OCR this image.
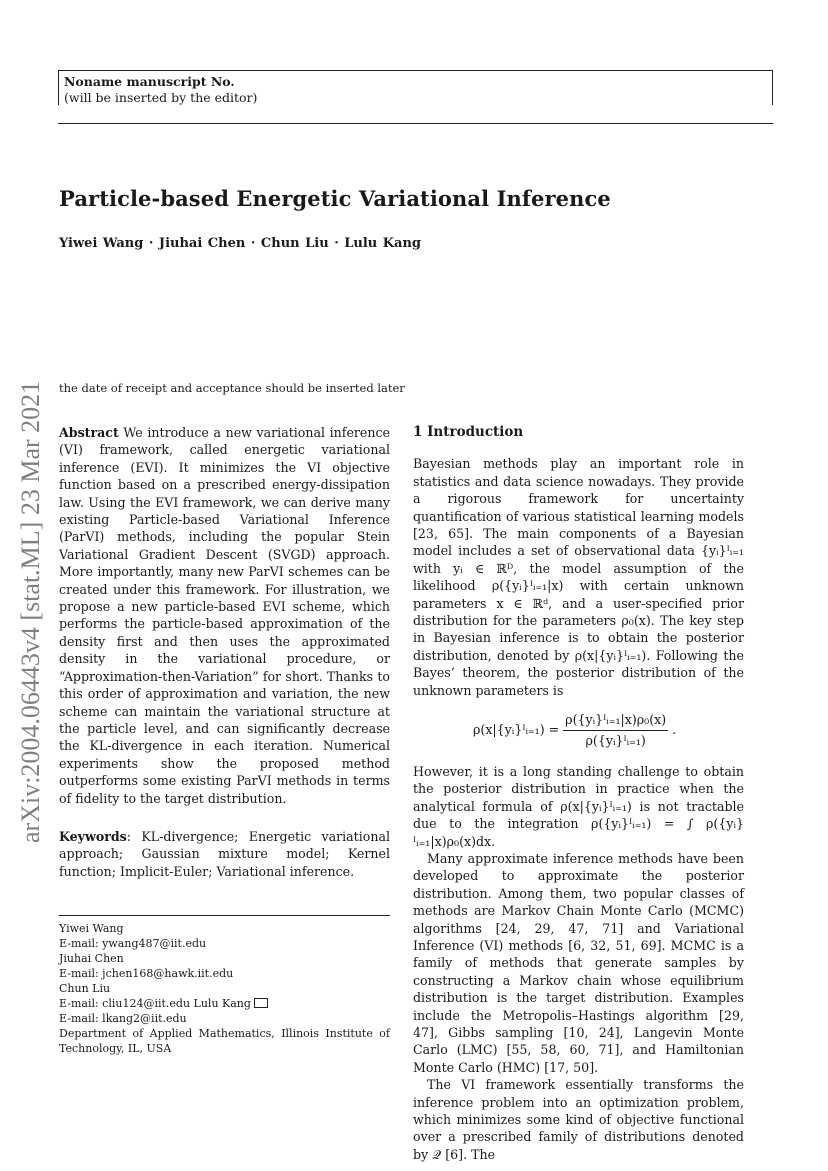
Noname manuscript No.
(will be inserted by the editor)
Particle-based Energetic Variational Inference
Yiwei Wang · Jiuhai Chen · Chun Liu · Lulu Kang
arXiv:2004.06443v4 [stat.ML] 23 Mar 2021	the date of receipt and acceptance should be inserted later

Abstract We introduce a new variational inference (VI) framework, called energetic variational inference (EVI). It minimizes the VI objective function based on a prescribed energy-dissipation law. Using the EVI framework, we can derive many existing Particle-based Variational Inference (ParVI) methods, including the popular Stein Variational Gradient Descent (SVGD) approach. More importantly, many new ParVI schemes can be created under this framework. For illustration, we propose a new particle-based EVI scheme, which performs the particle-based approximation of the density first and then uses the approximated density in the variational procedure, or “Approximation-then-Variation” for short. Thanks to this order of approximation and variation, the new scheme can maintain the variational structure at the particle level, and can significantly decrease the KL-divergence in each iteration. Numerical experiments show the proposed method outperforms some existing ParVI methods in terms of fidelity to the target distribution.

Keywords: KL-divergence; Energetic variational approach; Gaussian mixture model; Kernel function; Implicit-Euler; Variational inference.

Yiwei Wang
E-mail: ywang487@iit.edu
Jiuhai Chen
E-mail: jchen168@hawk.iit.edu
Chun Liu
E-mail: cliu124@iit.edu Lulu Kang
E-mail: lkang2@iit.edu
Department of Applied Mathematics, Illinois Institute of Technology, IL, USA
1 Introduction

Bayesian methods play an important role in statistics and data science nowadays. They provide a rigorous framework for uncertainty quantification of various statistical learning models [23, 65]. The main components of a Bayesian model includes a set of observational data {yᵢ}ᴵᵢ₌₁ with yᵢ ∈ ℝᴰ, the model assumption of the likelihood ρ({yᵢ}ᴵᵢ₌₁|x) with certain unknown parameters x ∈ ℝᵈ, and a user-specified prior distribution for the parameters ρ₀(x). The key step in Bayesian inference is to obtain the posterior distribution, denoted by ρ(x|{yᵢ}ᴵᵢ₌₁). Following the Bayes’ theorem, the posterior distribution of the unknown parameters is

ρ(x|{yᵢ}ᴵᵢ₌₁) = $\frac{\text{ρ(\{yᵢ\}ᴵᵢ₌₁|x)ρ₀(x)}}{\text{ρ(\{yᵢ\}ᴵᵢ₌₁)}}$ .

However, it is a long standing challenge to obtain the posterior distribution in practice when the analytical formula of ρ(x|{yᵢ}ᴵᵢ₌₁) is not tractable due to the integration ρ({yᵢ}ᴵᵢ₌₁) = ∫ ρ({yᵢ}ᴵᵢ₌₁|x)ρ₀(x)dx.

Many approximate inference methods have been developed to approximate the posterior distribution. Among them, two popular classes of methods are Markov Chain Monte Carlo (MCMC) algorithms [24, 29, 47, 71] and Variational Inference (VI) methods [6, 32, 51, 69]. MCMC is a family of methods that generate samples by constructing a Markov chain whose equilibrium distribution is the target distribution. Examples include the Metropolis–Hastings algorithm [29, 47], Gibbs sampling [10, 24], Langevin Monte Carlo (LMC) [55, 58, 60, 71], and Hamiltonian Monte Carlo (HMC) [17, 50].

The VI framework essentially transforms the inference problem into an optimization problem, which minimizes some kind of objective functional over a prescribed family of distributions denoted by 𝒬 [6]. The
